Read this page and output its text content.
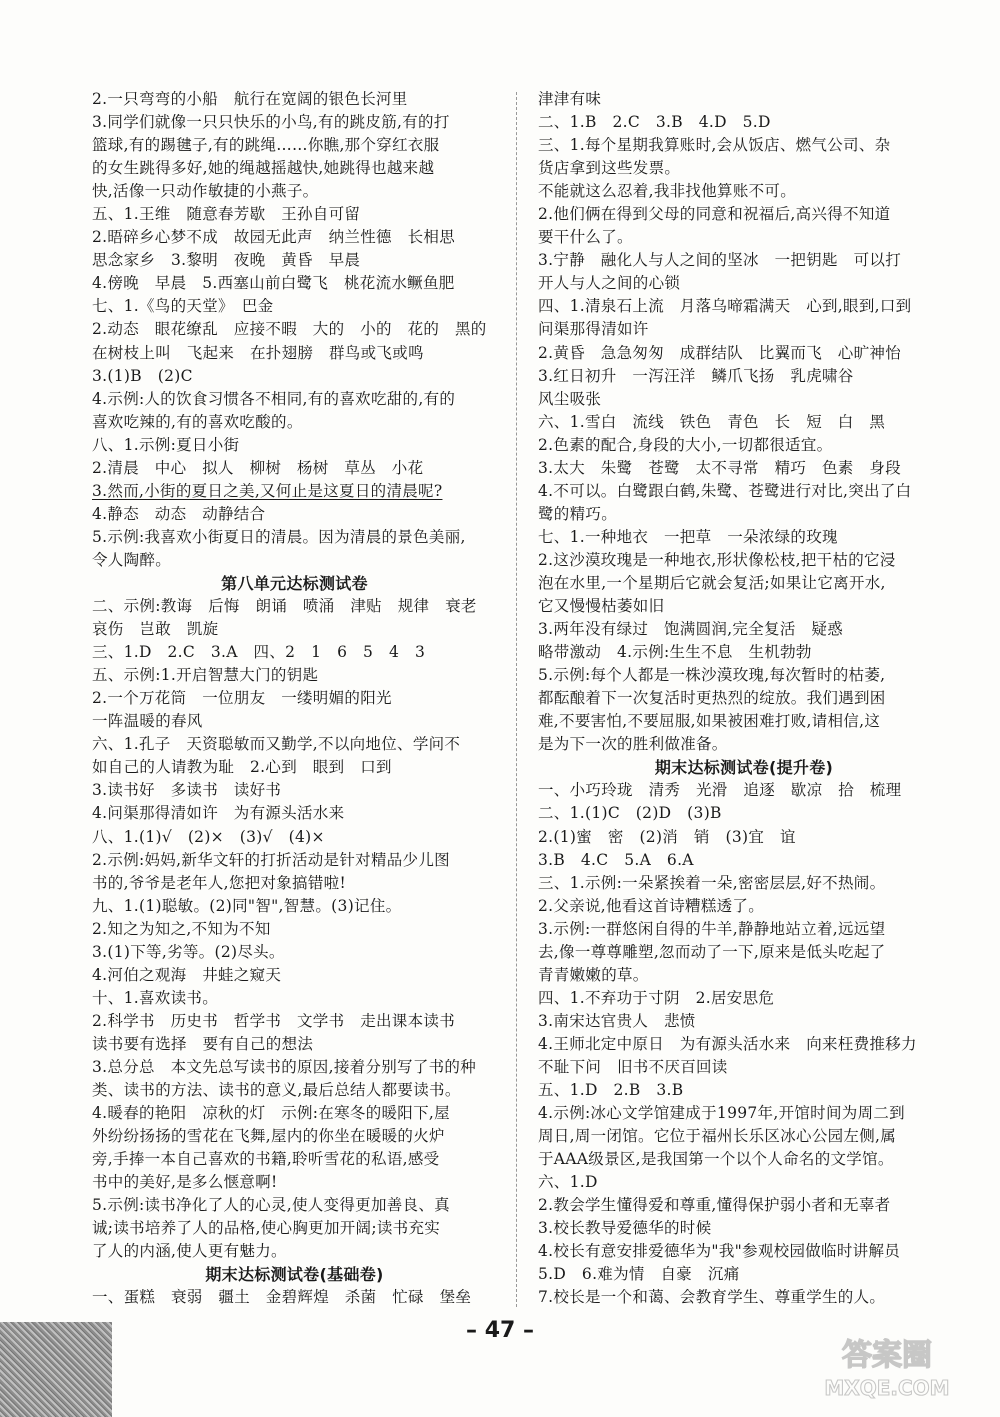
2.一只弯弯的小船　航行在宽阔的银色长河里
3.同学们就像一只只快乐的小鸟,有的跳皮筋,有的打
篮球,有的踢毽子,有的跳绳……你瞧,那个穿红衣服
的女生跳得多好,她的绳越摇越快,她跳得也越来越
快,活像一只动作敏捷的小燕子。
五、1.王维　随意春芳歇　王孙自可留
2.晤碎乡心梦不成　故园无此声　纳兰性德　长相思
思念家乡　3.黎明　夜晚　黄昏　早晨
4.傍晚　早晨　5.西塞山前白鹭飞　桃花流水鳜鱼肥
七、1.《鸟的天堂》　巴金
2.动态　眼花缭乱　应接不暇　大的　小的　花的　黑的
在树枝上叫　飞起来　在扑翅膀　群鸟或飞或鸣
3.(1)B　(2)C
4.示例:人的饮食习惯各不相同,有的喜欢吃甜的,有的
喜欢吃辣的,有的喜欢吃酸的。
八、1.示例:夏日小街
2.清晨　中心　拟人　柳树　杨树　草丛　小花
3.然而,小街的夏日之美,又何止是这夏日的清晨呢?
4.静态　动态　动静结合
5.示例:我喜欢小街夏日的清晨。因为清晨的景色美丽,
令人陶醉。
第八单元达标测试卷
二、示例:教诲　后悔　朗诵　喷涌　津贴　规律　衰老
哀伤　岂敢　凯旋
三、1.D　2.C　3.A　四、2　1　6　5　4　3
五、示例:1.开启智慧大门的钥匙
2.一个万花筒　一位朋友　一缕明媚的阳光
一阵温暖的春风
六、1.孔子　天资聪敏而又勤学,不以向地位、学问不
如自己的人请教为耻　2.心到　眼到　口到
3.读书好　多读书　读好书
4.问渠那得清如许　为有源头活水来
八、1.(1)√　(2)×　(3)√　(4)×
2.示例:妈妈,新华文轩的打折活动是针对精品少儿图
书的,爷爷是老年人,您把对象搞错啦!
九、1.(1)聪敏。(2)同"智",智慧。(3)记住。
2.知之为知之,不知为不知
3.(1)下等,劣等。(2)尽头。
4.河伯之观海　井蛙之窥天
十、1.喜欢读书。
2.科学书　历史书　哲学书　文学书　走出课本读书
读书要有选择　要有自己的想法
3.总分总　本文先总写读书的原因,接着分别写了书的种
类、读书的方法、读书的意义,最后总结人都要读书。
4.暖春的艳阳　凉秋的灯　示例:在寒冬的暖阳下,屋
外纷纷扬扬的雪花在飞舞,屋内的你坐在暖暖的火炉
旁,手捧一本自己喜欢的书籍,聆听雪花的私语,感受
书中的美好,是多么惬意啊!
5.示例:读书净化了人的心灵,使人变得更加善良、真
诚;读书培养了人的品格,使心胸更加开阔;读书充实
了人的内涵,使人更有魅力。
期末达标测试卷(基础卷)
一、蛋糕　衰弱　疆土　金碧辉煌　杀菌　忙碌　堡垒
津津有味
二、1.B　2.C　3.B　4.D　5.D
三、1.每个星期我算账时,会从饭店、燃气公司、杂
货店拿到这些发票。
不能就这么忍着,我非找他算账不可。
2.他们俩在得到父母的同意和祝福后,高兴得不知道
要干什么了。
3.宁静　融化人与人之间的坚冰　一把钥匙　可以打
开人与人之间的心锁
四、1.清泉石上流　月落乌啼霜满天　心到,眼到,口到
问渠那得清如许
2.黄昏　急急匆匆　成群结队　比翼而飞　心旷神怡
3.红日初升　一泻汪洋　鳞爪飞扬　乳虎啸谷
风尘吸张
六、1.雪白　流线　铁色　青色　长　短　白　黑
2.色素的配合,身段的大小,一切都很适宜。
3.太大　朱鹭　苍鹭　太不寻常　精巧　色素　身段
4.不可以。白鹭跟白鹤,朱鹭、苍鹭进行对比,突出了白
鹭的精巧。
七、1.一种地衣　一把草　一朵浓绿的玫瑰
2.这沙漠玫瑰是一种地衣,形状像松枝,把干枯的它浸
泡在水里,一个星期后它就会复活;如果让它离开水,
它又慢慢枯萎如旧
3.两年没有绿过　饱满圆润,完全复活　疑惑
略带激动　4.示例:生生不息　生机勃勃
5.示例:每个人都是一株沙漠玫瑰,每次暂时的枯萎,
都酝酿着下一次复活时更热烈的绽放。我们遇到困
难,不要害怕,不要屈服,如果被困难打败,请相信,这
是为下一次的胜利做准备。
期末达标测试卷(提升卷)
一、小巧玲珑　清秀　光滑　追逐　歇凉　拾　梳理
二、1.(1)C　(2)D　(3)B
2.(1)蜜　密　(2)消　销　(3)宜　谊
3.B　4.C　5.A　6.A
三、1.示例:一朵紧挨着一朵,密密层层,好不热闹。
2.父亲说,他看这首诗糟糕透了。
3.示例:一群悠闲自得的牛羊,静静地站立着,远远望
去,像一尊尊雕塑,忽而动了一下,原来是低头吃起了
青青嫩嫩的草。
四、1.不弃功于寸阴　2.居安思危
3.南宋达官贵人　悲愤
4.王师北定中原日　为有源头活水来　向来枉费推移力
不耻下问　旧书不厌百回读
五、1.D　2.B　3.B
4.示例:冰心文学馆建成于1997年,开馆时间为周二到
周日,周一闭馆。它位于福州长乐区冰心公园左侧,属
于AAA级景区,是我国第一个以个人命名的文学馆。
六、1.D
2.教会学生懂得爱和尊重,懂得保护弱小者和无辜者
3.校长教导爱德华的时候
4.校长有意安排爱德华为"我"参观校园做临时讲解员
5.D　6.难为情　自豪　沉痛
7.校长是一个和蔼、会教育学生、尊重学生的人。
– 47 –
答案圈
MXQE.COM
